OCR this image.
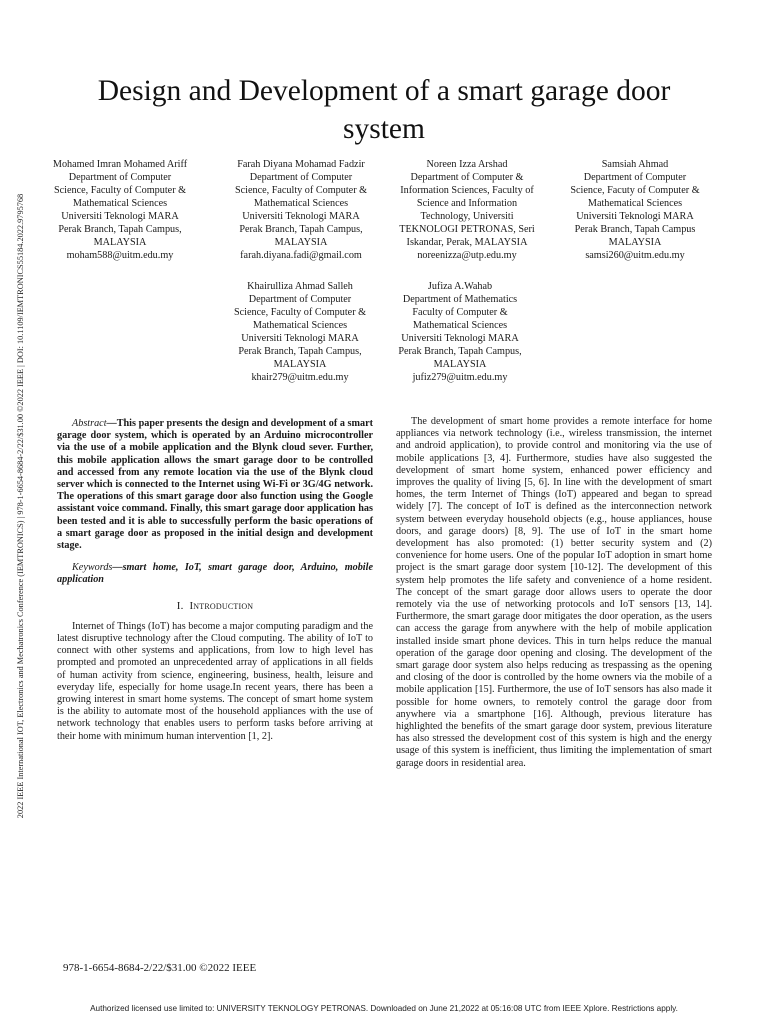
2022 IEEE International IOT, Electronics and Mechatronics Conference (IEMTRONICS) | 978-1-6654-8684-2/22/$31.00 ©2022 IEEE | DOI: 10.1109/IEMTRONICS55184.2022.9795768
Design and Development of a smart garage door
system
Mohamed Imran Mohamed Ariff
Department of Computer
Science, Faculty of Computer &
Mathematical Sciences
Universiti Teknologi MARA
Perak Branch, Tapah Campus,
MALAYSIA
moham588@uitm.edu.my
Farah Diyana Mohamad Fadzir
Department of Computer
Science, Faculty of Computer &
Mathematical Sciences
Universiti Teknologi MARA
Perak Branch, Tapah Campus,
MALAYSIA
farah.diyana.fadi@gmail.com
Noreen Izza Arshad
Department of Computer &
Information Sciences, Faculty of
Science and Information
Technology, Universiti
TEKNOLOGI PETRONAS, Seri
Iskandar, Perak, MALAYSIA
noreenizza@utp.edu.my
Samsiah Ahmad
Department of Computer
Science, Facuty of Computer &
Mathematical Sciences
Universiti Teknologi MARA
Perak Branch, Tapah Campus
MALAYSIA
samsi260@uitm.edu.my
Khairulliza Ahmad Salleh
Department of Computer
Science, Faculty of Computer &
Mathematical Sciences
Universiti Teknologi MARA
Perak Branch, Tapah Campus,
MALAYSIA
khair279@uitm.edu.my
Jufiza A.Wahab
Department of Mathematics
Faculty of Computer &
Mathematical Sciences
Universiti Teknologi MARA
Perak Branch, Tapah Campus,
MALAYSIA
jufiz279@uitm.edu.my

Abstract—This paper presents the design and development of a smart garage door system, which is operated by an Arduino microcontroller via the use of a mobile application and the Blynk cloud sever. Further, this mobile application allows the smart garage door to be controlled and accessed from any remote location via the use of the Blynk cloud server which is connected to the Internet using Wi-Fi or 3G/4G network. The operations of this smart garage door also function using the Google assistant voice command. Finally, this smart garage door application has been tested and it is able to successfully perform the basic operations of a smart garage door as proposed in the initial design and development stage.

Keywords—smart home, IoT, smart garage door, Arduino, mobile application

I. Introduction

Internet of Things (IoT) has become a major computing paradigm and the latest disruptive technology after the Cloud computing. The ability of IoT to connect with other systems and applications, from low to high level has prompted and promoted an unprecedented array of applications in all fields of human activity from science, engineering, business, health, leisure and everyday life, especially for home usage.In recent years, there has been a growing interest in smart home systems. The concept of smart home system is the ability to automate most of the household appliances with the use of network technology that enables users to perform tasks before arriving at their home with minimum human intervention [1, 2].

The development of smart home provides a remote interface for home appliances via network technology (i.e., wireless transmission, the internet and android application), to provide control and monitoring via the use of mobile applications [3, 4]. Furthermore, studies have also suggested the development of smart home system, enhanced power efficiency and improves the quality of living [5, 6]. In line with the development of smart homes, the term Internet of Things (IoT) appeared and began to spread widely [7]. The concept of IoT is defined as the interconnection network system between everyday household objects (e.g., house appliances, house doors, and garage doors) [8, 9]. The use of IoT in the smart home development has also promoted: (1) better security system and (2) convenience for home users. One of the popular IoT adoption in smart home project is the smart garage door system [10-12]. The development of this system help promotes the life safety and convenience of a home resident. The concept of the smart garage door allows users to operate the door remotely via the use of networking protocols and IoT sensors [13, 14]. Furthermore, the smart garage door mitigates the door operation, as the users can access the garage from anywhere with the help of mobile application installed inside smart phone devices. This in turn helps reduce the manual operation of the garage door opening and closing. The development of the smart garage door system also helps reducing as trespassing as the opening and closing of the door is controlled by the home owners via the mobile of a mobile application [15]. Furthermore, the use of IoT sensors has also made it possible for home owners, to remotely control the garage door from anywhere via a smartphone [16]. Although, previous literature has highlighted the benefits of the smart garage door system, previous literature has also stressed the development cost of this system is high and the energy usage of this system is inefficient, thus limiting the implementation of smart garage doors in residential area.

978-1-6654-8684-2/22/$31.00 ©2022 IEEE
Authorized licensed use limited to: UNIVERSITY TEKNOLOGY PETRONAS. Downloaded on June 21,2022 at 05:16:08 UTC from IEEE Xplore. Restrictions apply.
